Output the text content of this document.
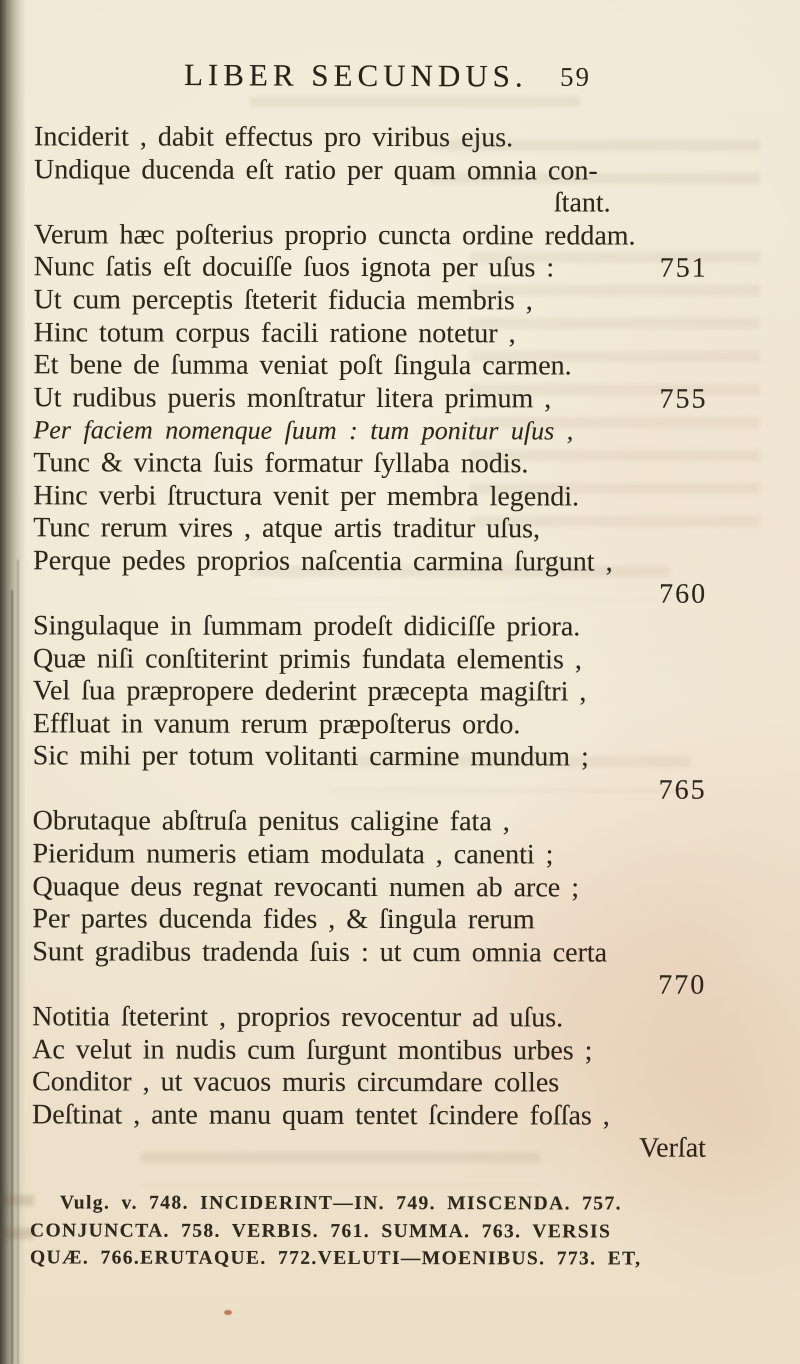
LIBER SECUNDUS. 59
Inciderit , dabit effectus pro viribus ejus.
Undique ducenda eſt ratio per quam omnia con-
ſtant.
Verum hæc poſterius proprio cuncta ordine reddam.
Nunc ſatis eſt docuiſſe ſuos ignota per uſus :	751
Ut cum perceptis ſteterit fiducia membris ,
Hinc totum corpus facili ratione notetur ,
Et bene de ſumma veniat poſt ſingula carmen.
Ut rudibus pueris monſtratur litera primum ,	755
Per faciem nomenque ſuum : tum ponitur uſus ,
Tunc & vincta ſuis formatur ſyllaba nodis.
Hinc verbi ſtructura venit per membra legendi.
Tunc rerum vires , atque artis traditur uſus,
Perque pedes proprios naſcentia carmina ſurgunt ,
760
Singulaque in ſummam prodeſt didiciſſe priora.
Quæ niſi conſtiterint primis fundata elementis ,
Vel ſua præpropere dederint præcepta magiſtri ,
Effluat in vanum rerum præpoſterus ordo.
Sic mihi per totum volitanti carmine mundum ;
765
Obrutaque abſtruſa penitus caligine fata ,
Pieridum numeris etiam modulata , canenti ;
Quaque deus regnat revocanti numen ab arce ;
Per partes ducenda fides , & ſingula rerum
Sunt gradibus tradenda ſuis : ut cum omnia certa
770
Notitia ſteterint , proprios revocentur ad uſus.
Ac velut in nudis cum ſurgunt montibus urbes ;
Conditor , ut vacuos muris circumdare colles
Deſtinat , ante manu quam tentet ſcindere foſſas ,
Verſat
Vulg. v. 748. INCIDERINT—IN. 749. MISCENDA. 757.
CONJUNCTA. 758. VERBIS. 761. SUMMA. 763. VERSIS
QUÆ. 766.ERUTAQUE. 772.VELUTI—MOENIBUS. 773. ET,
